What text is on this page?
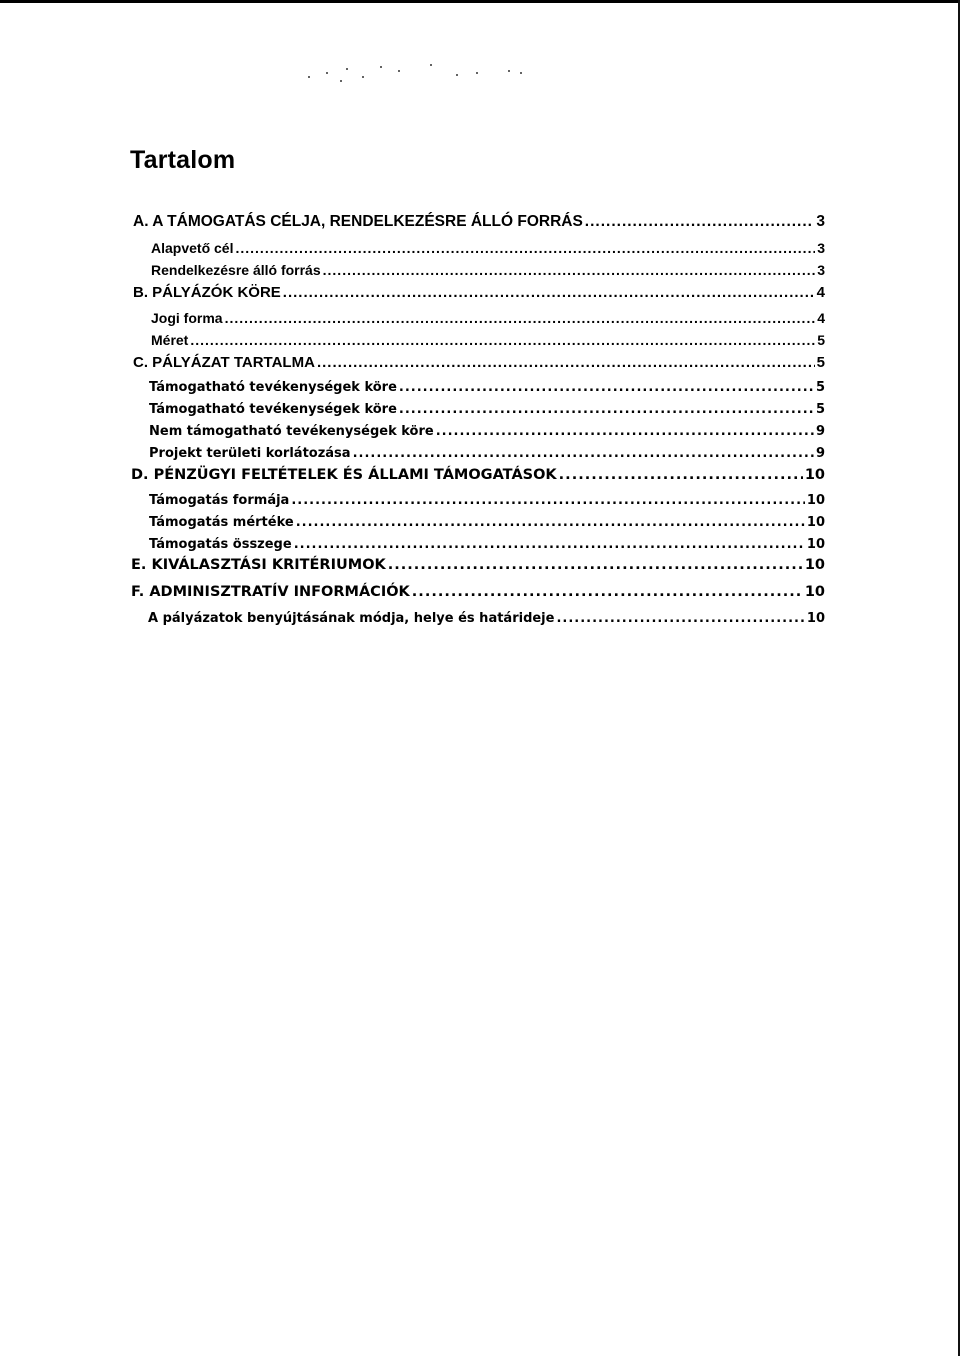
Tartalom
A. A TÁMOGATÁS CÉLJA, RENDELKEZÉSRE ÁLLÓ FORRÁS .....	3
Alapvető cél .....	3
Rendelkezésre álló forrás .....	3
B. PÁLYÁZÓK KÖRE .....	4
Jogi forma .....	4
Méret .....	5
C. PÁLYÁZAT TARTALMA .....	5
Támogatható tevékenységek köre .....	5
Támogatható tevékenységek köre .....	5
Nem támogatható tevékenységek köre .....	9
Projekt területi korlátozása .....	9
D. PÉNZÜGYI FELTÉTELEK ÉS ÁLLAMI TÁMOGATÁSOK .....	10
Támogatás formája .....	10
Támogatás mértéke .....	10
Támogatás összege .....	10
E. KIVÁLASZTÁSI KRITÉRIUMOK .....	10
F. ADMINISZTRATÍV INFORMÁCIÓK .....	10
A pályázatok benyújtásának módja, helye és határideje .....	10
